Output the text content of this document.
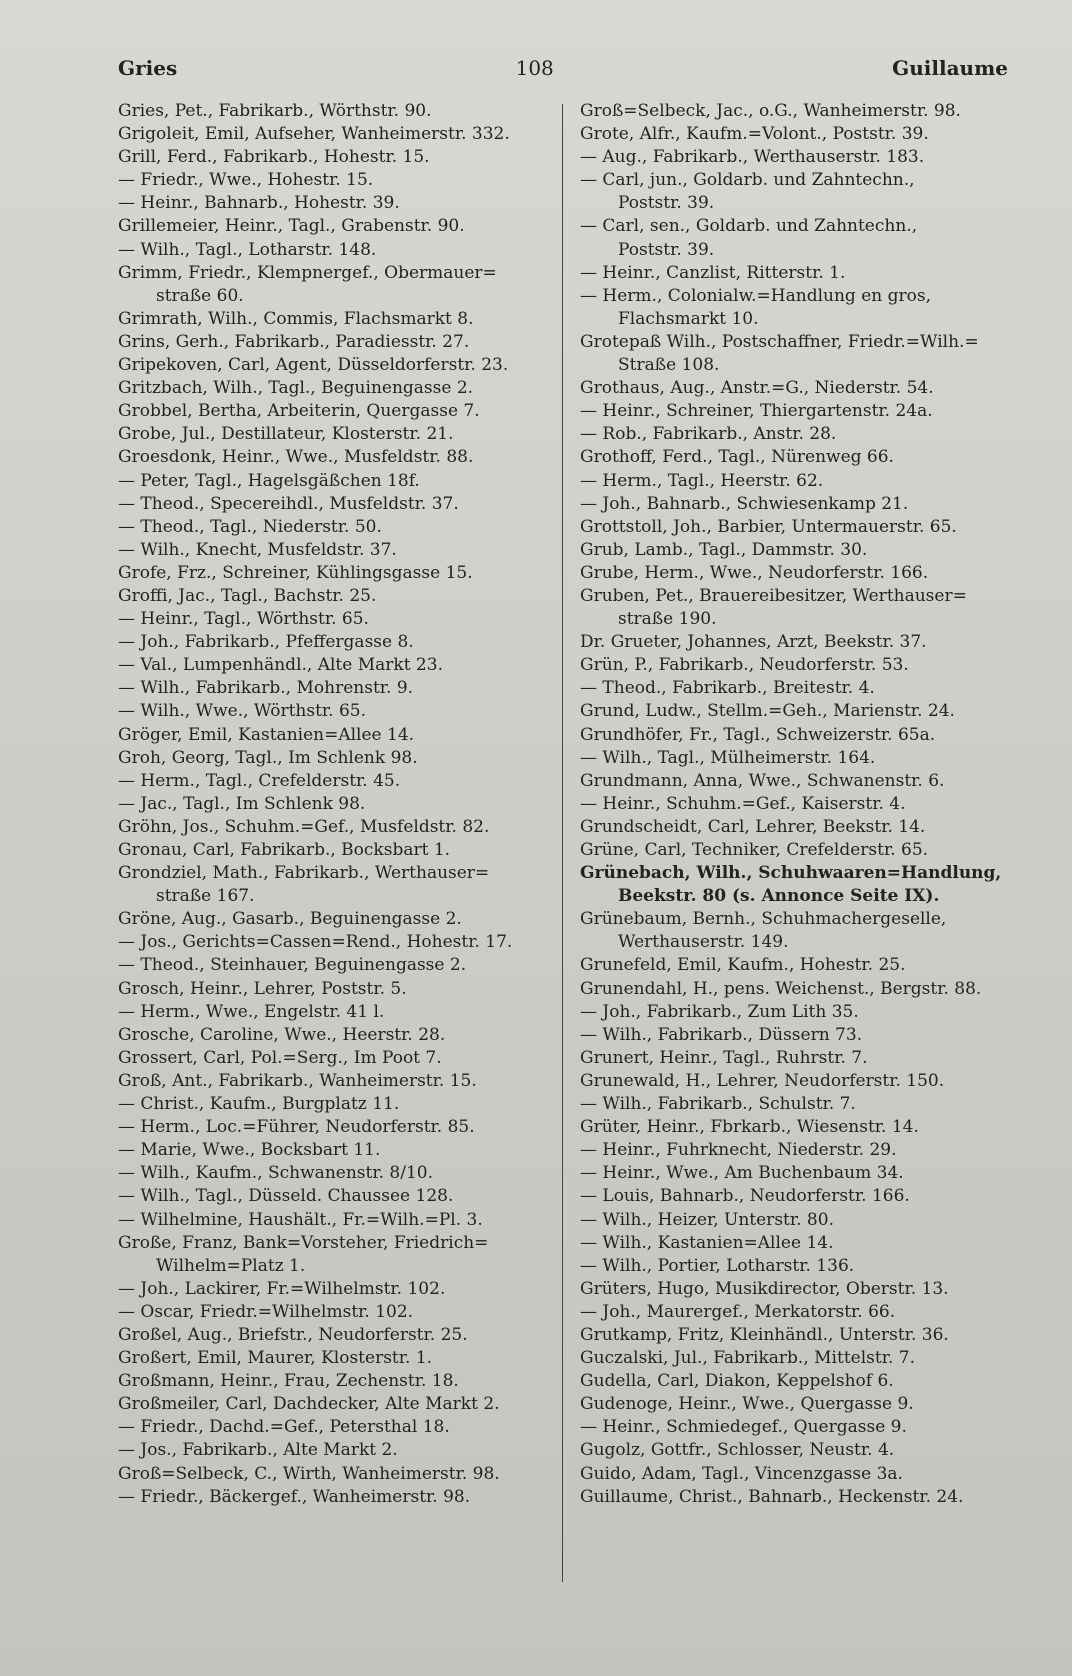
Gries	108	Guillaume
Gries, Pet., Fabrikarb., Wörthstr. 90.
Grigoleit, Emil, Aufseher, Wanheimerstr. 332.
Grill, Ferd., Fabrikarb., Hohestr. 15.
— Friedr., Wwe., Hohestr. 15.
— Heinr., Bahnarb., Hohestr. 39.
Grillemeier, Heinr., Tagl., Grabenstr. 90.
— Wilh., Tagl., Lotharstr. 148.
Grimm, Friedr., Klempnergef., Obermauer=
straße 60.
Grimrath, Wilh., Commis, Flachsmarkt 8.
Grins, Gerh., Fabrikarb., Paradiesstr. 27.
Gripekoven, Carl, Agent, Düsseldorferstr. 23.
Gritzbach, Wilh., Tagl., Beguinengasse 2.
Grobbel, Bertha, Arbeiterin, Quergasse 7.
Grobe, Jul., Destillateur, Klosterstr. 21.
Groesdonk, Heinr., Wwe., Musfeldstr. 88.
— Peter, Tagl., Hagelsgäßchen 18f.
— Theod., Specereihdl., Musfeldstr. 37.
— Theod., Tagl., Niederstr. 50.
— Wilh., Knecht, Musfeldstr. 37.
Grofe, Frz., Schreiner, Kühlingsgasse 15.
Groffi, Jac., Tagl., Bachstr. 25.
— Heinr., Tagl., Wörthstr. 65.
— Joh., Fabrikarb., Pfeffergasse 8.
— Val., Lumpenhändl., Alte Markt 23.
— Wilh., Fabrikarb., Mohrenstr. 9.
— Wilh., Wwe., Wörthstr. 65.
Gröger, Emil, Kastanien=Allee 14.
Groh, Georg, Tagl., Im Schlenk 98.
— Herm., Tagl., Crefelderstr. 45.
— Jac., Tagl., Im Schlenk 98.
Gröhn, Jos., Schuhm.=Gef., Musfeldstr. 82.
Gronau, Carl, Fabrikarb., Bocksbart 1.
Grondziel, Math., Fabrikarb., Werthauser=
straße 167.
Gröne, Aug., Gasarb., Beguinengasse 2.
— Jos., Gerichts=Cassen=Rend., Hohestr. 17.
— Theod., Steinhauer, Beguinengasse 2.
Grosch, Heinr., Lehrer, Poststr. 5.
— Herm., Wwe., Engelstr. 41 l.
Grosche, Caroline, Wwe., Heerstr. 28.
Grossert, Carl, Pol.=Serg., Im Poot 7.
Groß, Ant., Fabrikarb., Wanheimerstr. 15.
— Christ., Kaufm., Burgplatz 11.
— Herm., Loc.=Führer, Neudorferstr. 85.
— Marie, Wwe., Bocksbart 11.
— Wilh., Kaufm., Schwanenstr. 8/10.
— Wilh., Tagl., Düsseld. Chaussee 128.
— Wilhelmine, Haushält., Fr.=Wilh.=Pl. 3.
Große, Franz, Bank=Vorsteher, Friedrich=
Wilhelm=Platz 1.
— Joh., Lackirer, Fr.=Wilhelmstr. 102.
— Oscar, Friedr.=Wilhelmstr. 102.
Großel, Aug., Briefstr., Neudorferstr. 25.
Großert, Emil, Maurer, Klosterstr. 1.
Großmann, Heinr., Frau, Zechenstr. 18.
Großmeiler, Carl, Dachdecker, Alte Markt 2.
— Friedr., Dachd.=Gef., Petersthal 18.
— Jos., Fabrikarb., Alte Markt 2.
Groß=Selbeck, C., Wirth, Wanheimerstr. 98.
— Friedr., Bäckergef., Wanheimerstr. 98.
Groß=Selbeck, Jac., o.G., Wanheimerstr. 98.
Grote, Alfr., Kaufm.=Volont., Poststr. 39.
— Aug., Fabrikarb., Werthauserstr. 183.
— Carl, jun., Goldarb. und Zahntechn.,
Poststr. 39.
— Carl, sen., Goldarb. und Zahntechn.,
Poststr. 39.
— Heinr., Canzlist, Ritterstr. 1.
— Herm., Colonialw.=Handlung en gros,
Flachsmarkt 10.
Grotepaß Wilh., Postschaffner, Friedr.=Wilh.=
Straße 108.
Grothaus, Aug., Anstr.=G., Niederstr. 54.
— Heinr., Schreiner, Thiergartenstr. 24a.
— Rob., Fabrikarb., Anstr. 28.
Grothoff, Ferd., Tagl., Nürenweg 66.
— Herm., Tagl., Heerstr. 62.
— Joh., Bahnarb., Schwiesenkamp 21.
Grottstoll, Joh., Barbier, Untermauerstr. 65.
Grub, Lamb., Tagl., Dammstr. 30.
Grube, Herm., Wwe., Neudorferstr. 166.
Gruben, Pet., Brauereibesitzer, Werthauser=
straße 190.
Dr. Grueter, Johannes, Arzt, Beekstr. 37.
Grün, P., Fabrikarb., Neudorferstr. 53.
— Theod., Fabrikarb., Breitestr. 4.
Grund, Ludw., Stellm.=Geh., Marienstr. 24.
Grundhöfer, Fr., Tagl., Schweizerstr. 65a.
— Wilh., Tagl., Mülheimerstr. 164.
Grundmann, Anna, Wwe., Schwanenstr. 6.
— Heinr., Schuhm.=Gef., Kaiserstr. 4.
Grundscheidt, Carl, Lehrer, Beekstr. 14.
Grüne, Carl, Techniker, Crefelderstr. 65.
Grünebach, Wilh., Schuhwaaren=Handlung,
Beekstr. 80 (s. Annonce Seite IX).
Grünebaum, Bernh., Schuhmachergeselle,
Werthauserstr. 149.
Grunefeld, Emil, Kaufm., Hohestr. 25.
Grunendahl, H., pens. Weichenst., Bergstr. 88.
— Joh., Fabrikarb., Zum Lith 35.
— Wilh., Fabrikarb., Düssern 73.
Grunert, Heinr., Tagl., Ruhrstr. 7.
Grunewald, H., Lehrer, Neudorferstr. 150.
— Wilh., Fabrikarb., Schulstr. 7.
Grüter, Heinr., Fbrkarb., Wiesenstr. 14.
— Heinr., Fuhrknecht, Niederstr. 29.
— Heinr., Wwe., Am Buchenbaum 34.
— Louis, Bahnarb., Neudorferstr. 166.
— Wilh., Heizer, Unterstr. 80.
— Wilh., Kastanien=Allee 14.
— Wilh., Portier, Lotharstr. 136.
Grüters, Hugo, Musikdirector, Oberstr. 13.
— Joh., Maurergef., Merkatorstr. 66.
Grutkamp, Fritz, Kleinhändl., Unterstr. 36.
Guczalski, Jul., Fabrikarb., Mittelstr. 7.
Gudella, Carl, Diakon, Keppelshof 6.
Gudenoge, Heinr., Wwe., Quergasse 9.
— Heinr., Schmiedegef., Quergasse 9.
Gugolz, Gottfr., Schlosser, Neustr. 4.
Guido, Adam, Tagl., Vincenzgasse 3a.
Guillaume, Christ., Bahnarb., Heckenstr. 24.
